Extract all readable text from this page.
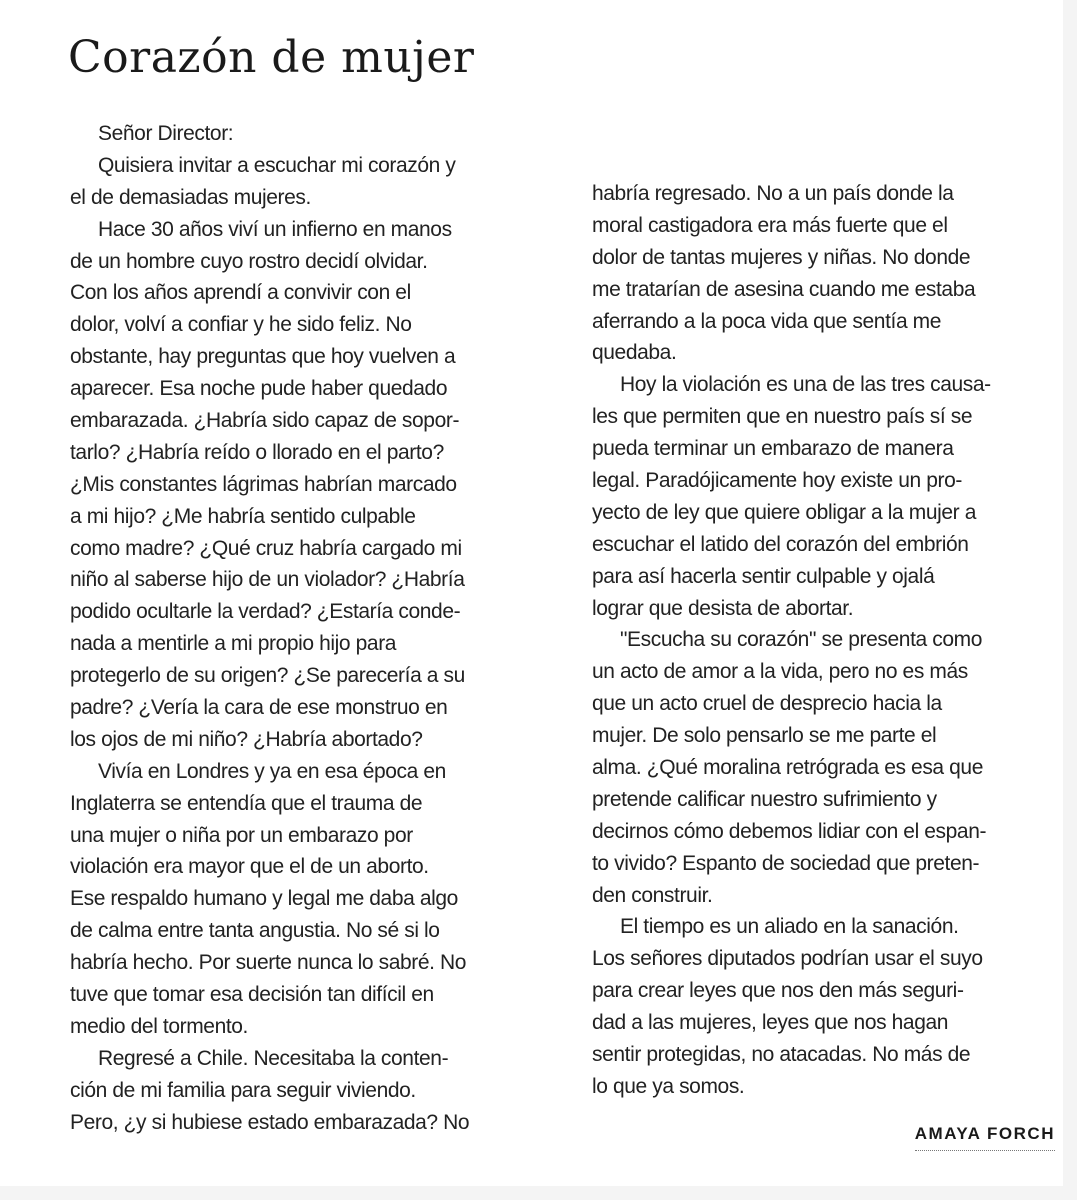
Corazón de mujer
Señor Director:
Quisiera invitar a escuchar mi corazón y
el de demasiadas mujeres.
Hace 30 años viví un infierno en manos
de un hombre cuyo rostro decidí olvidar.
Con los años aprendí a convivir con el
dolor, volví a confiar y he sido feliz. No
obstante, hay preguntas que hoy vuelven a
aparecer. Esa noche pude haber quedado
embarazada. ¿Habría sido capaz de sopor-
tarlo? ¿Habría reído o llorado en el parto?
¿Mis constantes lágrimas habrían marcado
a mi hijo? ¿Me habría sentido culpable
como madre? ¿Qué cruz habría cargado mi
niño al saberse hijo de un violador? ¿Habría
podido ocultarle la verdad? ¿Estaría conde-
nada a mentirle a mi propio hijo para
protegerlo de su origen? ¿Se parecería a su
padre? ¿Vería la cara de ese monstruo en
los ojos de mi niño? ¿Habría abortado?
Vivía en Londres y ya en esa época en
Inglaterra se entendía que el trauma de
una mujer o niña por un embarazo por
violación era mayor que el de un aborto.
Ese respaldo humano y legal me daba algo
de calma entre tanta angustia. No sé si lo
habría hecho. Por suerte nunca lo sabré. No
tuve que tomar esa decisión tan difícil en
medio del tormento.
Regresé a Chile. Necesitaba la conten-
ción de mi familia para seguir viviendo.
Pero, ¿y si hubiese estado embarazada? No
habría regresado. No a un país donde la
moral castigadora era más fuerte que el
dolor de tantas mujeres y niñas. No donde
me tratarían de asesina cuando me estaba
aferrando a la poca vida que sentía me
quedaba.
Hoy la violación es una de las tres causa-
les que permiten que en nuestro país sí se
pueda terminar un embarazo de manera
legal. Paradójicamente hoy existe un pro-
yecto de ley que quiere obligar a la mujer a
escuchar el latido del corazón del embrión
para así hacerla sentir culpable y ojalá
lograr que desista de abortar.
"Escucha su corazón" se presenta como
un acto de amor a la vida, pero no es más
que un acto cruel de desprecio hacia la
mujer. De solo pensarlo se me parte el
alma. ¿Qué moralina retrógrada es esa que
pretende calificar nuestro sufrimiento y
decirnos cómo debemos lidiar con el espan-
to vivido? Espanto de sociedad que preten-
den construir.
El tiempo es un aliado en la sanación.
Los señores diputados podrían usar el suyo
para crear leyes que nos den más seguri-
dad a las mujeres, leyes que nos hagan
sentir protegidas, no atacadas. No más de
lo que ya somos.
AMAYA FORCH
